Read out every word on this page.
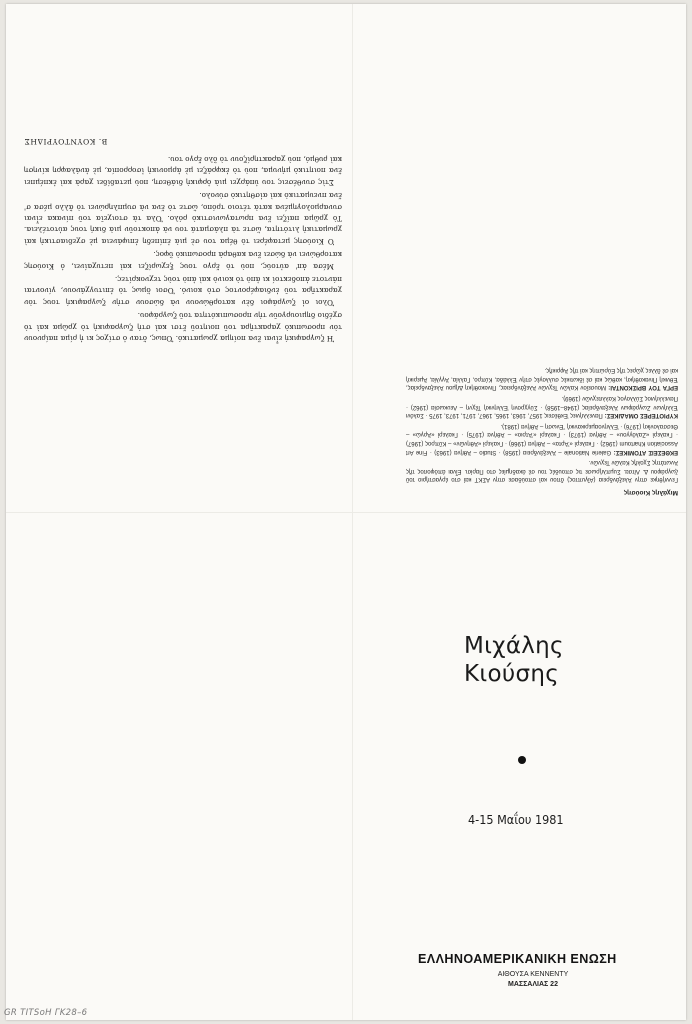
Ἡ ζωγραφική εἶναι ἕνα ποίημα χρωματικό. Ὅπως, ὅταν ὁ στίχος κι ἡ ρίμα παίρνουν τὸν προσωπικὸ χαρακτῆρα τοῦ ποιητοῦ ἔτσι καὶ στὴ ζωγραφικὴ τὸ χρῶμα καὶ τὸ σχέδιο δημιουργοῦν τὴν προσωπικότητα τοῦ ζωγράφου.

Ὅλοι οἱ ζωγράφοι δὲν κατορθώνουν νὰ δώσουν στὴν ζωγραφική τους τὸν χαρακτῆρα τοῦ ἐνδιαφέροντος στὸ κοινό. Ὅσοι ὅμως τὸ ἐπιτυγχάνουν, γίνονται πάντοτε ἀποδεκτοί κι ἀπὸ τὸ κοινὸ καὶ ἀπὸ τοὺς τεχνοκρίτες.

Μέσα ἀπ' αὐτούς, ποὺ τὸ ἔργο τους ξεχωρίζει καὶ πετυχαίνει, ὁ Κιούσης κατορθώνει νὰ δώσει ἕνα καθαρὰ προσωπικὸ ὕφος.

Ὁ Κιούσης μεταφέρει τὸ θέμα του σὲ μιὰ ἐπίπεδη ἐπιφάνεια μὲ σχεδιαστικὴ καὶ χρωματικὴ λιτότητα, ὥστε τὰ πλάσματά του νὰ ἀποκτοῦν μιὰ δική τους αὐτοτέλεια. Τὸ χρῶμα παίζει ἕνα πρωταγωνιστικὸ ρόλο. Ὅλα τὰ στοιχεῖα τοῦ πίνακα εἶναι συναρμολογημένα κατὰ τέτοιο τρόπο, ὥστε τὸ ἕνα νὰ συμπληρώνει τὸ ἄλλο μέσα σ' ἕνα πνευματικὸ καὶ αἰσθητικὸ σύνολο.

Στὶς συνθέσεις του ὑπάρχει μιὰ ὀρφικὴ διάθεση, ποὺ μεταδίδει χαρὰ καὶ ἐκπέμπει ἕνα ποιητικὸ μήνυμα, ποὺ τὸ ἐκφράζει μὲ ἁρμονικὴ ἰσορροπία, μὲ ἀνάλαφρη κίνηση καὶ ρυθμό, ποὺ χαρακτηρίζουν τὸ ὅλο ἔργο του.

Β. ΚΟΥΝΤΟΥΡΙΔΗΣ
Μιχάλης Κιούσης

Γεννήθηκε στην Ἀλεξάνδρεια (Αἴγυπτος) ὅπου καὶ σπούδασε στην ΑΣΚΤ καὶ στο ἐργαστήριο τοῦ ζωγράφου Δ. Λίτσα. Συμπλήρωσε τις σπουδές του σὲ ἀκαδημίες στο Παρίσι. Εἶναι ἀπόφοιτος τῆς Ἀνωτάτης Σχολῆς Καλῶν Τεχνῶν.

ΕΚΘΕΣΕΙΣ ΑΤΟΜΙΚΕΣ: Galerie Nationale – Ἀλεξάνδρεια (1958) · Studio – Ἀθήνα (1963) · Fine Art Association Khartoum (1962) · Γκαλερὶ «Ἄρτα» – Ἀθήνα (1966) · Γκαλερὶ «Ἀθηνῶν» – Κῦπρος (1967) · Γκαλερὶ «Ζαλόγγου» – Ἀθήνα (1973) · Γκαλερὶ «Ἄτριο» – Ἀθήνα (1975) · Γκαλερὶ «Ἀργώ» – Θεσσαλονίκη (1976) · Ἑλληνοαμερικανική Ἕνωση – Ἀθήνα (1981).

ΚΥΡΙΟΤΕΡΕΣ ΟΜΑΔΙΚΕΣ: Πανελλήνιες Ἐκθέσεις 1957, 1963, 1965, 1967, 1971, 1973, 1975 · Σαλόνι Ἑλλήνων Ζωγράφων Ἀλεξανδρείας (1948–1958) · Σύγχρονη Ἑλληνικὴ Τέχνη – Λευκωσία (1962) · Πανελλήνιος Σύλλογος Καλλιτεχνῶν (1969).

ΕΡΓΑ ΤΟΥ ΒΡΙΣΚΟΝΤΑΙ: Μουσεῖον Καλῶν Τεχνῶν Ἀλεξάνδρειας, Πινακοθήκη Δήμου Ἀλεξανδρείας, Ἐθνικὴ Πινακοθήκη, καθὼς καὶ σὲ ἰδιωτικὲς συλλογὲς στὴν Ἑλλάδα, Κύπρο, Γαλλία, Ἀγγλία, Ἀμερικὴ καὶ σὲ ἄλλες χῶρες τῆς Εὐρώπης καὶ τῆς Ἀφρικῆς.

Μιχάλης
Κιούσης
4-15 Μαΐου 1981
ΕΛΛΗΝΟΑΜΕΡΙΚΑΝΙΚΗ ΕΝΩΣΗ
ΑΙΘΟΥΣΑ ΚΕΝΝΕΝΤΥ
ΜΑΣΣΑΛΙΑΣ 22
GR TITSoH ΓΚ28–6
